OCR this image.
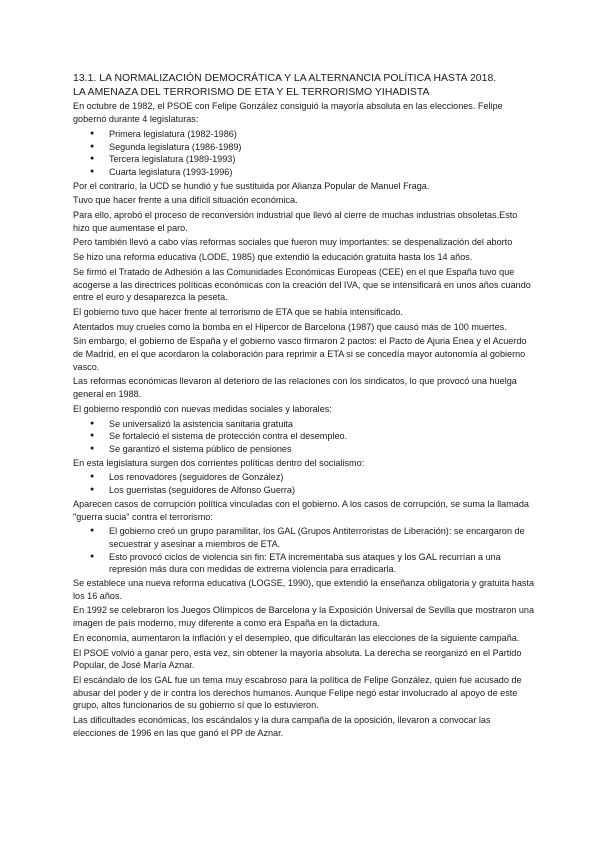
13.1. LA NORMALIZACIÓN DEMOCRÁTICA Y LA ALTERNANCIA POLÍTICA HASTA 2018.
LA AMENAZA DEL TERRORISMO DE ETA Y EL TERRORISMO YIHADISTA
En octubre de 1982, el PSOE con Felipe González consiguió la mayoría absoluta en las elecciones. Felipe gobernó durante 4 legislaturas:
● Primera legislatura (1982-1986)
● Segunda legislatura (1986-1989)
● Tercera legislatura (1989-1993)
● Cuarta legislatura (1993-1996)
Por el contrario, la UCD se hundió y fue sustituida por Alianza Popular de Manuel Fraga.
Tuvo que hacer frente a una difícil situación económica.
Para ello, aprobó el proceso de reconversión industrial que llevó al cierre de muchas industrias obsoletas.Esto hizo que aumentase el paro.
Pero también llevó a cabo vías reformas sociales que fueron muy importantes: se despenalización del aborto
Se hizo una reforma educativa (LODE, 1985) que extendió la educación gratuita hasta los 14 años.
Se firmó el Tratado de Adhesión a las Comunidades Económicas Europeas (CEE) en el que España tuvo que acogerse a las directrices políticas económicas con la creación del IVA, que se intensificará en unos años cuando entre el euro y desaparezca la peseta.
El gobierno tuvo que hacer frente al terrorismo de ETA que se había intensificado.
Atentados muy crueles como la bomba en el Hipercor de Barcelona (1987) que causó más de 100 muertes.
Sin embargo, el gobierno de España y el gobierno vasco firmaron 2 pactos: el Pacto de Ajuria Enea y el Acuerdo de Madrid, en el que acordaron la colaboración para reprimir a ETA si se concedía mayor autonomía al gobierno vasco.
Las reformas económicas llevaron al deterioro de las relaciones con los sindicatos, lo que provocó una huelga general en 1988.
El gobierno respondió con nuevas medidas sociales y laborales:
● Se universalizó la asistencia sanitaria gratuita
● Se fortaleció el sistema de protección contra el desempleo.
● Se garantizó el sistema público de pensiones
En esta legislatura surgen dos corrientes políticas dentro del socialismo:
● Los renovadores (seguidores de González)
● Los guerristas (seguidores de Alfonso Guerra)
Aparecen casos de corrupción política vinculadas con el gobierno. A los casos de corrupción, se suma la llamada "guerra sucia" contra el terrorismo:
● El gobierno creó un grupo paramilitar, los GAL (Grupos Antiterroristas de Liberación): se encargaron de secuestrar y asesinar a miembros de ETA.
● Esto provocó ciclos de violencia sin fin: ETA incrementaba sus ataques y los GAL recurrían a una represión más dura con medidas de extrema violencia para erradicarla.
Se establece una nueva reforma educativa (LOGSE, 1990), que extendió la enseñanza obligatoria y gratuita hasta los 16 años.
En 1992 se celebraron los Juegos Olímpicos de Barcelona y la Exposición Universal de Sevilla que mostraron una imagen de país moderno, muy diferente a como era España en la dictadura.
En economía, aumentaron la inflación y el desempleo, que dificultarán las elecciones de la siguiente campaña.
El PSOE volvió a ganar pero, esta vez, sin obtener la mayoría absoluta. La derecha se reorganizó en el Partido Popular, de José María Aznar.
El escándalo de los GAL fue un tema muy escabroso para la política de Felipe González, quien fue acusado de abusar del poder y de ir contra los derechos humanos. Aunque Felipe negó estar involucrado al apoyo de este grupo, altos funcionarios de su gobierno sí que lo estuvieron.
Las dificultades económicas, los escándalos y la dura campaña de la oposición, llevaron a convocar las elecciones de 1996 en las que ganó el PP de Aznar.
